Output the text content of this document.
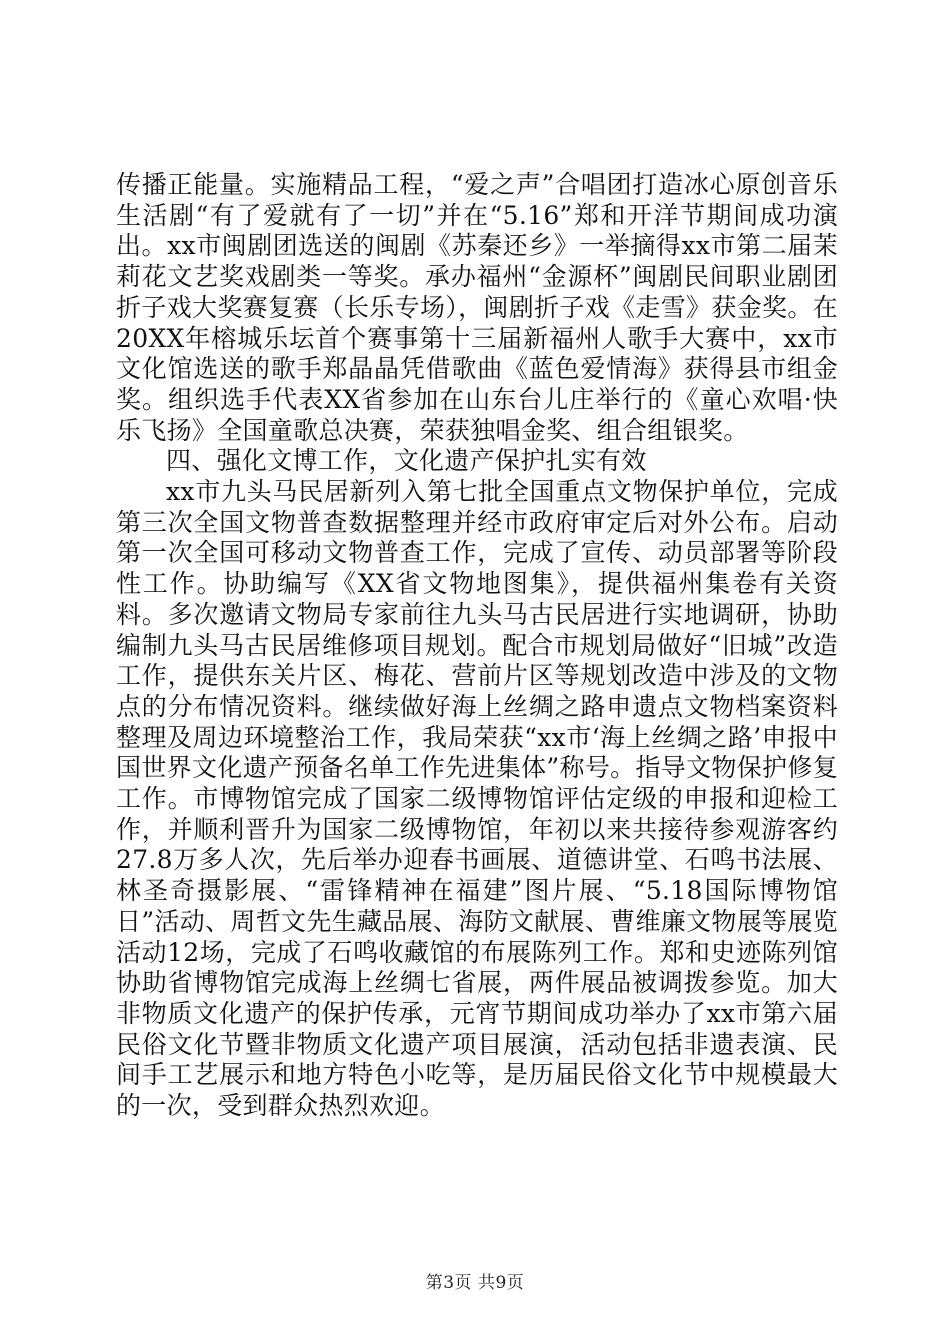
传播正能量。实施精品工程，“爱之声”合唱团打造冰心原创音乐生活剧“有了爱就有了一切”并在“5.16”郑和开洋节期间成功演出。xx市闽剧团选送的闽剧《苏秦还乡》一举摘得xx市第二届茉莉花文艺奖戏剧类一等奖。承办福州“金源杯”闽剧民间职业剧团折子戏大奖赛复赛（长乐专场），闽剧折子戏《走雪》获金奖。在20XX年榕城乐坛首个赛事第十三届新福州人歌手大赛中，xx市文化馆选送的歌手郑晶晶凭借歌曲《蓝色爱情海》获得县市组金奖。组织选手代表XX省参加在山东台儿庄举行的《童心欢唱·快乐飞扬》全国童歌总决赛，荣获独唱金奖、组合组银奖。

四、强化文博工作，文化遗产保护扎实有效

xx市九头马民居新列入第七批全国重点文物保护单位，完成第三次全国文物普查数据整理并经市政府审定后对外公布。启动第一次全国可移动文物普查工作，完成了宣传、动员部署等阶段性工作。协助编写《XX省文物地图集》，提供福州集卷有关资料。多次邀请文物局专家前往九头马古民居进行实地调研，协助编制九头马古民居维修项目规划。配合市规划局做好“旧城”改造工作，提供东关片区、梅花、营前片区等规划改造中涉及的文物点的分布情况资料。继续做好海上丝绸之路申遗点文物档案资料整理及周边环境整治工作，我局荣获“xx市‘海上丝绸之路’申报中国世界文化遗产预备名单工作先进集体”称号。指导文物保护修复工作。市博物馆完成了国家二级博物馆评估定级的申报和迎检工作，并顺利晋升为国家二级博物馆，年初以来共接待参观游客约27.8万多人次，先后举办迎春书画展、道德讲堂、石鸣书法展、林圣奇摄影展、“雷锋精神在福建”图片展、“5.18国际博物馆日”活动、周哲文先生藏品展、海防文献展、曹维廉文物展等展览活动12场，完成了石鸣收藏馆的布展陈列工作。郑和史迹陈列馆协助省博物馆完成海上丝绸七省展，两件展品被调拨参览。加大非物质文化遗产的保护传承，元宵节期间成功举办了xx市第六届民俗文化节暨非物质文化遗产项目展演，活动包括非遗表演、民间手工艺展示和地方特色小吃等，是历届民俗文化节中规模最大的一次，受到群众热烈欢迎。

第3页 共9页
